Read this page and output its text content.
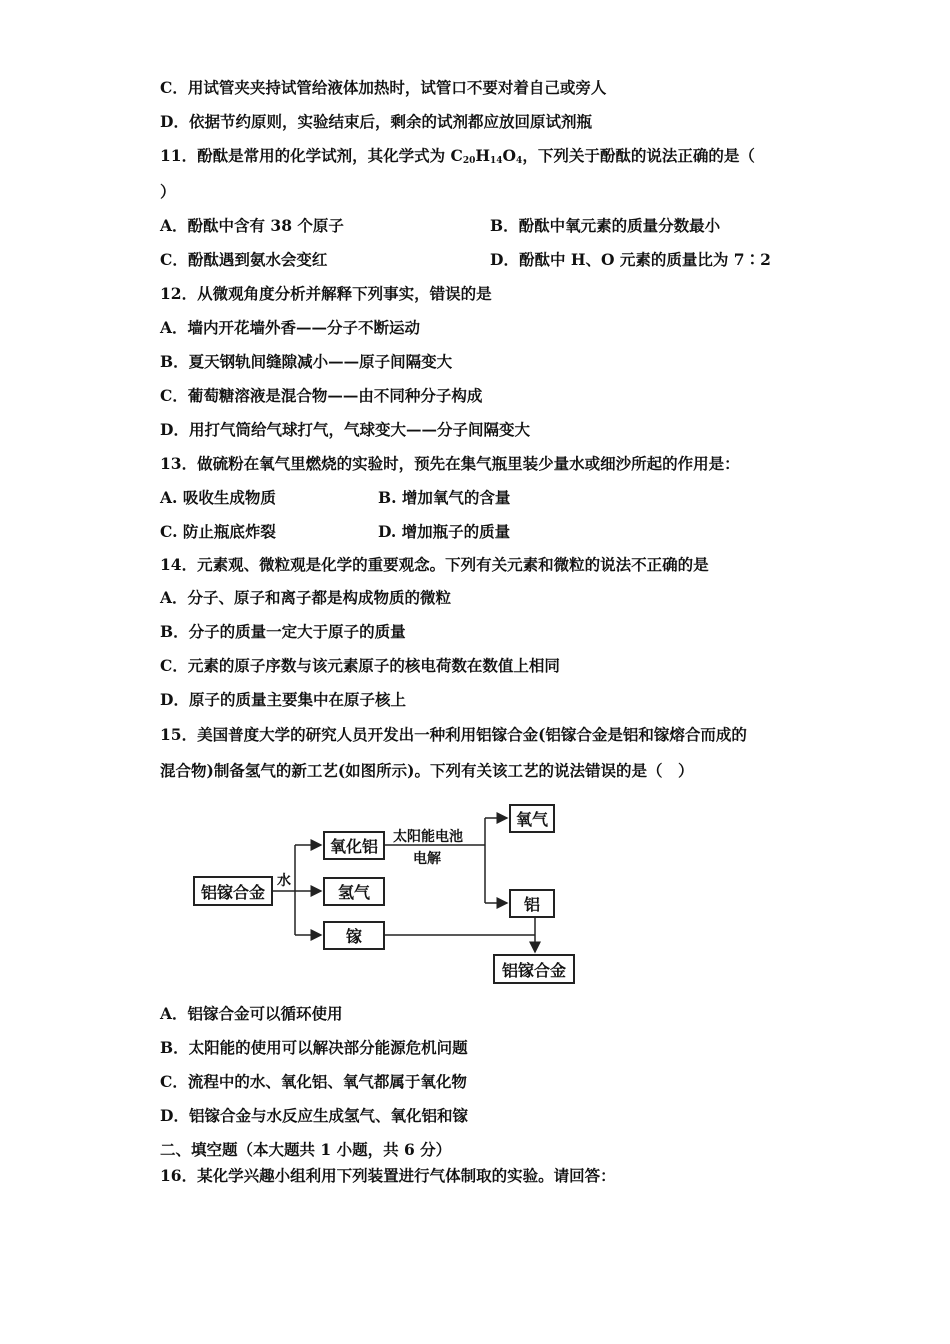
C．用试管夹夹持试管给液体加热时，试管口不要对着自己或旁人
D．依据节约原则，实验结束后，剩余的试剂都应放回原试剂瓶
11．酚酞是常用的化学试剂，其化学式为 $C_{20}H_{14}O_4$，下列关于酚酞的说法正确的是（
）
A．酚酞中含有 38 个原子	B．酚酞中氧元素的质量分数最小
C．酚酞遇到氨水会变红	D．酚酞中 H、O 元素的质量比为 7∶2
12．从微观角度分析并解释下列事实，错误的是
A．墙内开花墙外香——分子不断运动
B．夏天钢轨间缝隙减小——原子间隔变大
C．葡萄糖溶液是混合物——由不同种分子构成
D．用打气筒给气球打气，气球变大——分子间隔变大
13．做硫粉在氧气里燃烧的实验时，预先在集气瓶里装少量水或细沙所起的作用是：
A. 吸收生成物质	B. 增加氧气的含量
C. 防止瓶底炸裂	D. 增加瓶子的质量
14．元素观、微粒观是化学的重要观念。下列有关元素和微粒的说法不正确的是
A．分子、原子和离子都是构成物质的微粒
B．分子的质量一定大于原子的质量
C．元素的原子序数与该元素原子的核电荷数在数值上相同
D．原子的质量主要集中在原子核上
15．美国普度大学的研究人员开发出一种利用铝镓合金(铝镓合金是铝和镓熔合而成的
混合物)制备氢气的新工艺(如图所示)。下列有关该工艺的说法错误的是（　）
铝镓合金
水
氧化铝
氢气
镓
太阳能电池
电解
氧气
铝
铝镓合金
A．铝镓合金可以循环使用
B．太阳能的使用可以解决部分能源危机问题
C．流程中的水、氧化铝、氧气都属于氧化物
D．铝镓合金与水反应生成氢气、氧化铝和镓
二、填空题（本大题共 1 小题，共 6 分）
16．某化学兴趣小组利用下列装置进行气体制取的实验。请回答：
